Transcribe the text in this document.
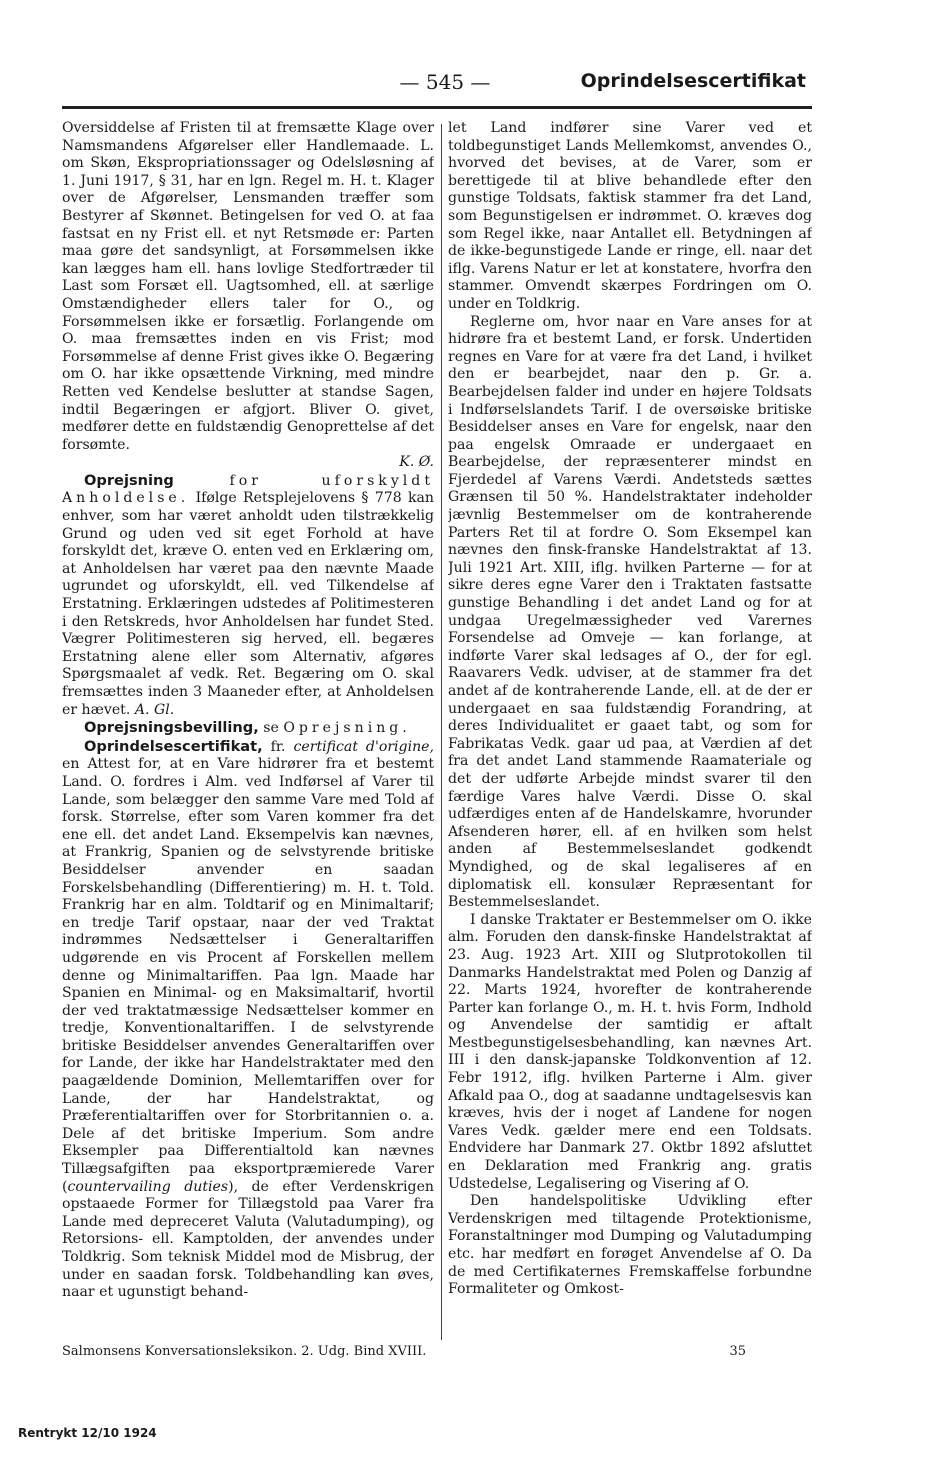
— 545 —	Oprindelsescertifikat

Oversiddelse af Fristen til at fremsætte Klage over Namsmandens Afgørelser eller Handlemaade. L. om Skøn, Ekspropriationssager og Odelsløsning af 1. Juni 1917, § 31, har en lgn. Regel m. H. t. Klager over de Afgørelser, Lensmanden træffer som Bestyrer af Skønnet. Betingelsen for ved O. at faa fastsat en ny Frist ell. et nyt Retsmøde er: Parten maa gøre det sandsynligt, at Forsømmelsen ikke kan lægges ham ell. hans lovlige Stedfortræder til Last som Forsæt ell. Uagtsomhed, ell. at særlige Omstændigheder ellers taler for O., og Forsømmelsen ikke er forsætlig. Forlangende om O. maa fremsættes inden en vis Frist; mod Forsømmelse af denne Frist gives ikke O. Begæring om O. har ikke opsættende Virkning, med mindre Retten ved Kendelse beslutter at standse Sagen, indtil Begæringen er afgjort. Bliver O. givet, medfører dette en fuldstændig Genoprettelse af det forsømte.

K. Ø.

Oprejsning	for uforskyldt Anholdelse. Ifølge Retsplejelovens § 778 kan enhver, som har været anholdt uden tilstrækkelig Grund og uden ved sit eget Forhold at have forskyldt det, kræve O. enten ved en Erklæring om, at Anholdelsen har været paa den nævnte Maade ugrundet og uforskyldt, ell. ved Tilkendelse af Erstatning. Erklæringen udstedes af Politimesteren i den Retskreds, hvor Anholdelsen har fundet Sted. Vægrer Politimesteren sig herved, ell. begæres Erstatning alene eller som Alternativ, afgøres Spørgsmaalet af vedk. Ret. Begæring om O. skal fremsættes inden 3 Maaneder efter, at Anholdelsen er hævet. A. Gl.

Oprejsningsbevilling, se Oprejsning.

Oprindelsescertifikat, fr. certificat d'origine, en Attest for, at en Vare hidrører fra et bestemt Land. O. fordres i Alm. ved Indførsel af Varer til Lande, som belægger den samme Vare med Told af forsk. Størrelse, efter som Varen kommer fra det ene ell. det andet Land. Eksempelvis kan nævnes, at Frankrig, Spanien og de selvstyrende britiske Besiddelser anvender en saadan Forskelsbehandling (Differentiering) m. H. t. Told. Frankrig har en alm. Toldtarif og en Minimaltarif; en tredje Tarif opstaar, naar der ved Traktat indrømmes Nedsættelser i Generaltariffen udgørende en vis Procent af Forskellen mellem denne og Minimaltariffen. Paa lgn. Maade har Spanien en Minimal- og en Maksimaltarif, hvortil der ved traktatmæssige Nedsættelser kommer en tredje, Konventionaltariffen. I de selvstyrende britiske Besiddelser anvendes Generaltariffen over for Lande, der ikke har Handelstraktater med den paagældende Dominion, Mellemtariffen over for Lande, der har Handelstraktat, og Præferentialtariffen over for Storbritannien o. a. Dele af det britiske Imperium. Som andre Eksempler paa Differentialtold kan nævnes Tillægsafgiften paa eksportpræmierede Varer (countervailing duties), de efter Verdenskrigen opstaaede Former for Tillægstold paa Varer fra Lande med depreceret Valuta (Valutadumping), og Retorsions- ell. Kamptolden, der anvendes under Toldkrig. Som teknisk Middel mod de Misbrug, der under en saadan forsk. Toldbehandling kan øves, naar et ugunstigt behand-

let Land indfører sine Varer ved et toldbegunstiget Lands Mellemkomst, anvendes O., hvorved det bevises, at de Varer, som er berettigede til at blive behandlede efter den gunstige Toldsats, faktisk stammer fra det Land, som Begunstigelsen er indrømmet. O. kræves dog som Regel ikke, naar Antallet ell. Betydningen af de ikke-begunstigede Lande er ringe, ell. naar det iflg. Varens Natur er let at konstatere, hvorfra den stammer. Omvendt skærpes Fordringen om O. under en Toldkrig.

Reglerne om, hvor naar en Vare anses for at hidrøre fra et bestemt Land, er forsk. Undertiden regnes en Vare for at være fra det Land, i hvilket den er bearbejdet, naar den p. Gr. a. Bearbejdelsen falder ind under en højere Toldsats i Indførselslandets Tarif. I de oversøiske britiske Besiddelser anses en Vare for engelsk, naar den paa engelsk Omraade er undergaaet en Bearbejdelse, der repræsenterer mindst en Fjerdedel af Varens Værdi. Andetsteds sættes Grænsen til 50 %. Handelstraktater indeholder jævnlig Bestemmelser om de kontraherende Parters Ret til at fordre O. Som Eksempel kan nævnes den finsk-franske Handelstraktat af 13. Juli 1921 Art. XIII, iflg. hvilken Parterne — for at sikre deres egne Varer den i Traktaten fastsatte gunstige Behandling i det andet Land og for at undgaa Uregelmæssigheder ved Varernes Forsendelse ad Omveje — kan forlange, at indførte Varer skal ledsages af O., der for egl. Raavarers Vedk. udviser, at de stammer fra det andet af de kontraherende Lande, ell. at de der er undergaaet en saa fuldstændig Forandring, at deres Individualitet er gaaet tabt, og som for Fabrikatas Vedk. gaar ud paa, at Værdien af det fra det andet Land stammende Raamateriale og det der udførte Arbejde mindst svarer til den færdige Vares halve Værdi. Disse O. skal udfærdiges enten af de Handelskamre, hvorunder Afsenderen hører, ell. af en hvilken som helst anden af Bestemmelseslandet godkendt Myndighed, og de skal legaliseres af en diplomatisk ell. konsulær Repræsentant for Bestemmelseslandet.

I danske Traktater er Bestemmelser om O. ikke alm. Foruden den dansk-finske Handelstraktat af 23. Aug. 1923 Art. XIII og Slutprotokollen til Danmarks Handelstraktat med Polen og Danzig af 22. Marts 1924, hvorefter de kontraherende Parter kan forlange O., m. H. t. hvis Form, Indhold og Anvendelse der samtidig er aftalt Mestbegunstigelsesbehandling, kan nævnes Art. III i den dansk-japanske Toldkonvention af 12. Febr 1912, iflg. hvilken Parterne i Alm. giver Afkald paa O., dog at saadanne undtagelsesvis kan kræves, hvis der i noget af Landene for nogen Vares Vedk. gælder mere end een Toldsats. Endvidere har Danmark 27. Oktbr 1892 afsluttet en Deklaration med Frankrig ang. gratis Udstedelse, Legalisering og Visering af O.

Den handelspolitiske Udvikling efter Verdenskrigen med tiltagende Protektionisme, Foranstaltninger mod Dumping og Valutadumping etc. har medført en forøget Anvendelse af O. Da de med Certifikaternes Fremskaffelse forbundne Formaliteter og Omkost-

Salmonsens Konversationsleksikon. 2. Udg. Bind XVIII.	35
Rentrykt 12/10 1924
